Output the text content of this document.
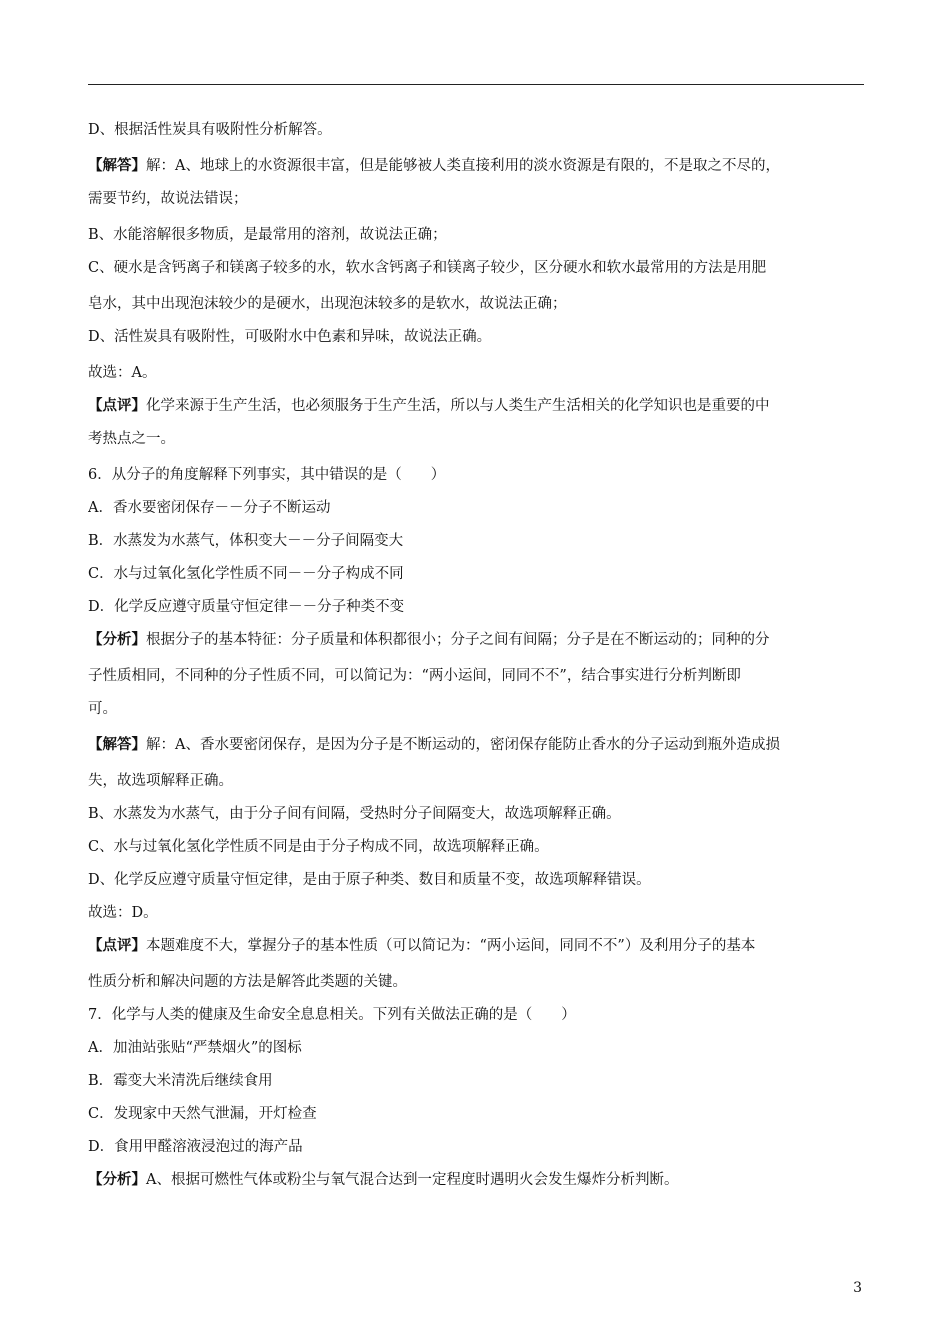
D、根据活性炭具有吸附性分析解答。

【解答】解：A、地球上的水资源很丰富，但是能够被人类直接利用的淡水资源是有限的，不是取之不尽的，

需要节约，故说法错误；

B、水能溶解很多物质，是最常用的溶剂，故说法正确；

C、硬水是含钙离子和镁离子较多的水，软水含钙离子和镁离子较少，区分硬水和软水最常用的方法是用肥

皂水，其中出现泡沫较少的是硬水，出现泡沫较多的是软水，故说法正确；

D、活性炭具有吸附性，可吸附水中色素和异味，故说法正确。

故选：A。

【点评】化学来源于生产生活，也必须服务于生产生活，所以与人类生产生活相关的化学知识也是重要的中

考热点之一。

6．从分子的角度解释下列事实，其中错误的是（　　）

A．香水要密闭保存－－分子不断运动

B．水蒸发为水蒸气，体积变大－－分子间隔变大

C．水与过氧化氢化学性质不同－－分子构成不同

D．化学反应遵守质量守恒定律－－分子种类不变

【分析】根据分子的基本特征：分子质量和体积都很小；分子之间有间隔；分子是在不断运动的；同种的分

子性质相同，不同种的分子性质不同，可以简记为：“两小运间，同同不不”，结合事实进行分析判断即

可。

【解答】解：A、香水要密闭保存，是因为分子是不断运动的，密闭保存能防止香水的分子运动到瓶外造成损

失，故选项解释正确。

B、水蒸发为水蒸气，由于分子间有间隔，受热时分子间隔变大，故选项解释正确。

C、水与过氧化氢化学性质不同是由于分子构成不同，故选项解释正确。

D、化学反应遵守质量守恒定律，是由于原子种类、数目和质量不变，故选项解释错误。

故选：D。

【点评】本题难度不大，掌握分子的基本性质（可以简记为：“两小运间，同同不不”）及利用分子的基本

性质分析和解决问题的方法是解答此类题的关键。

7．化学与人类的健康及生命安全息息相关。下列有关做法正确的是（　　）

A．加油站张贴“严禁烟火”的图标

B．霉变大米清洗后继续食用

C．发现家中天然气泄漏，开灯检查

D．食用甲醛溶液浸泡过的海产品

【分析】A、根据可燃性气体或粉尘与氧气混合达到一定程度时遇明火会发生爆炸分析判断。

3
